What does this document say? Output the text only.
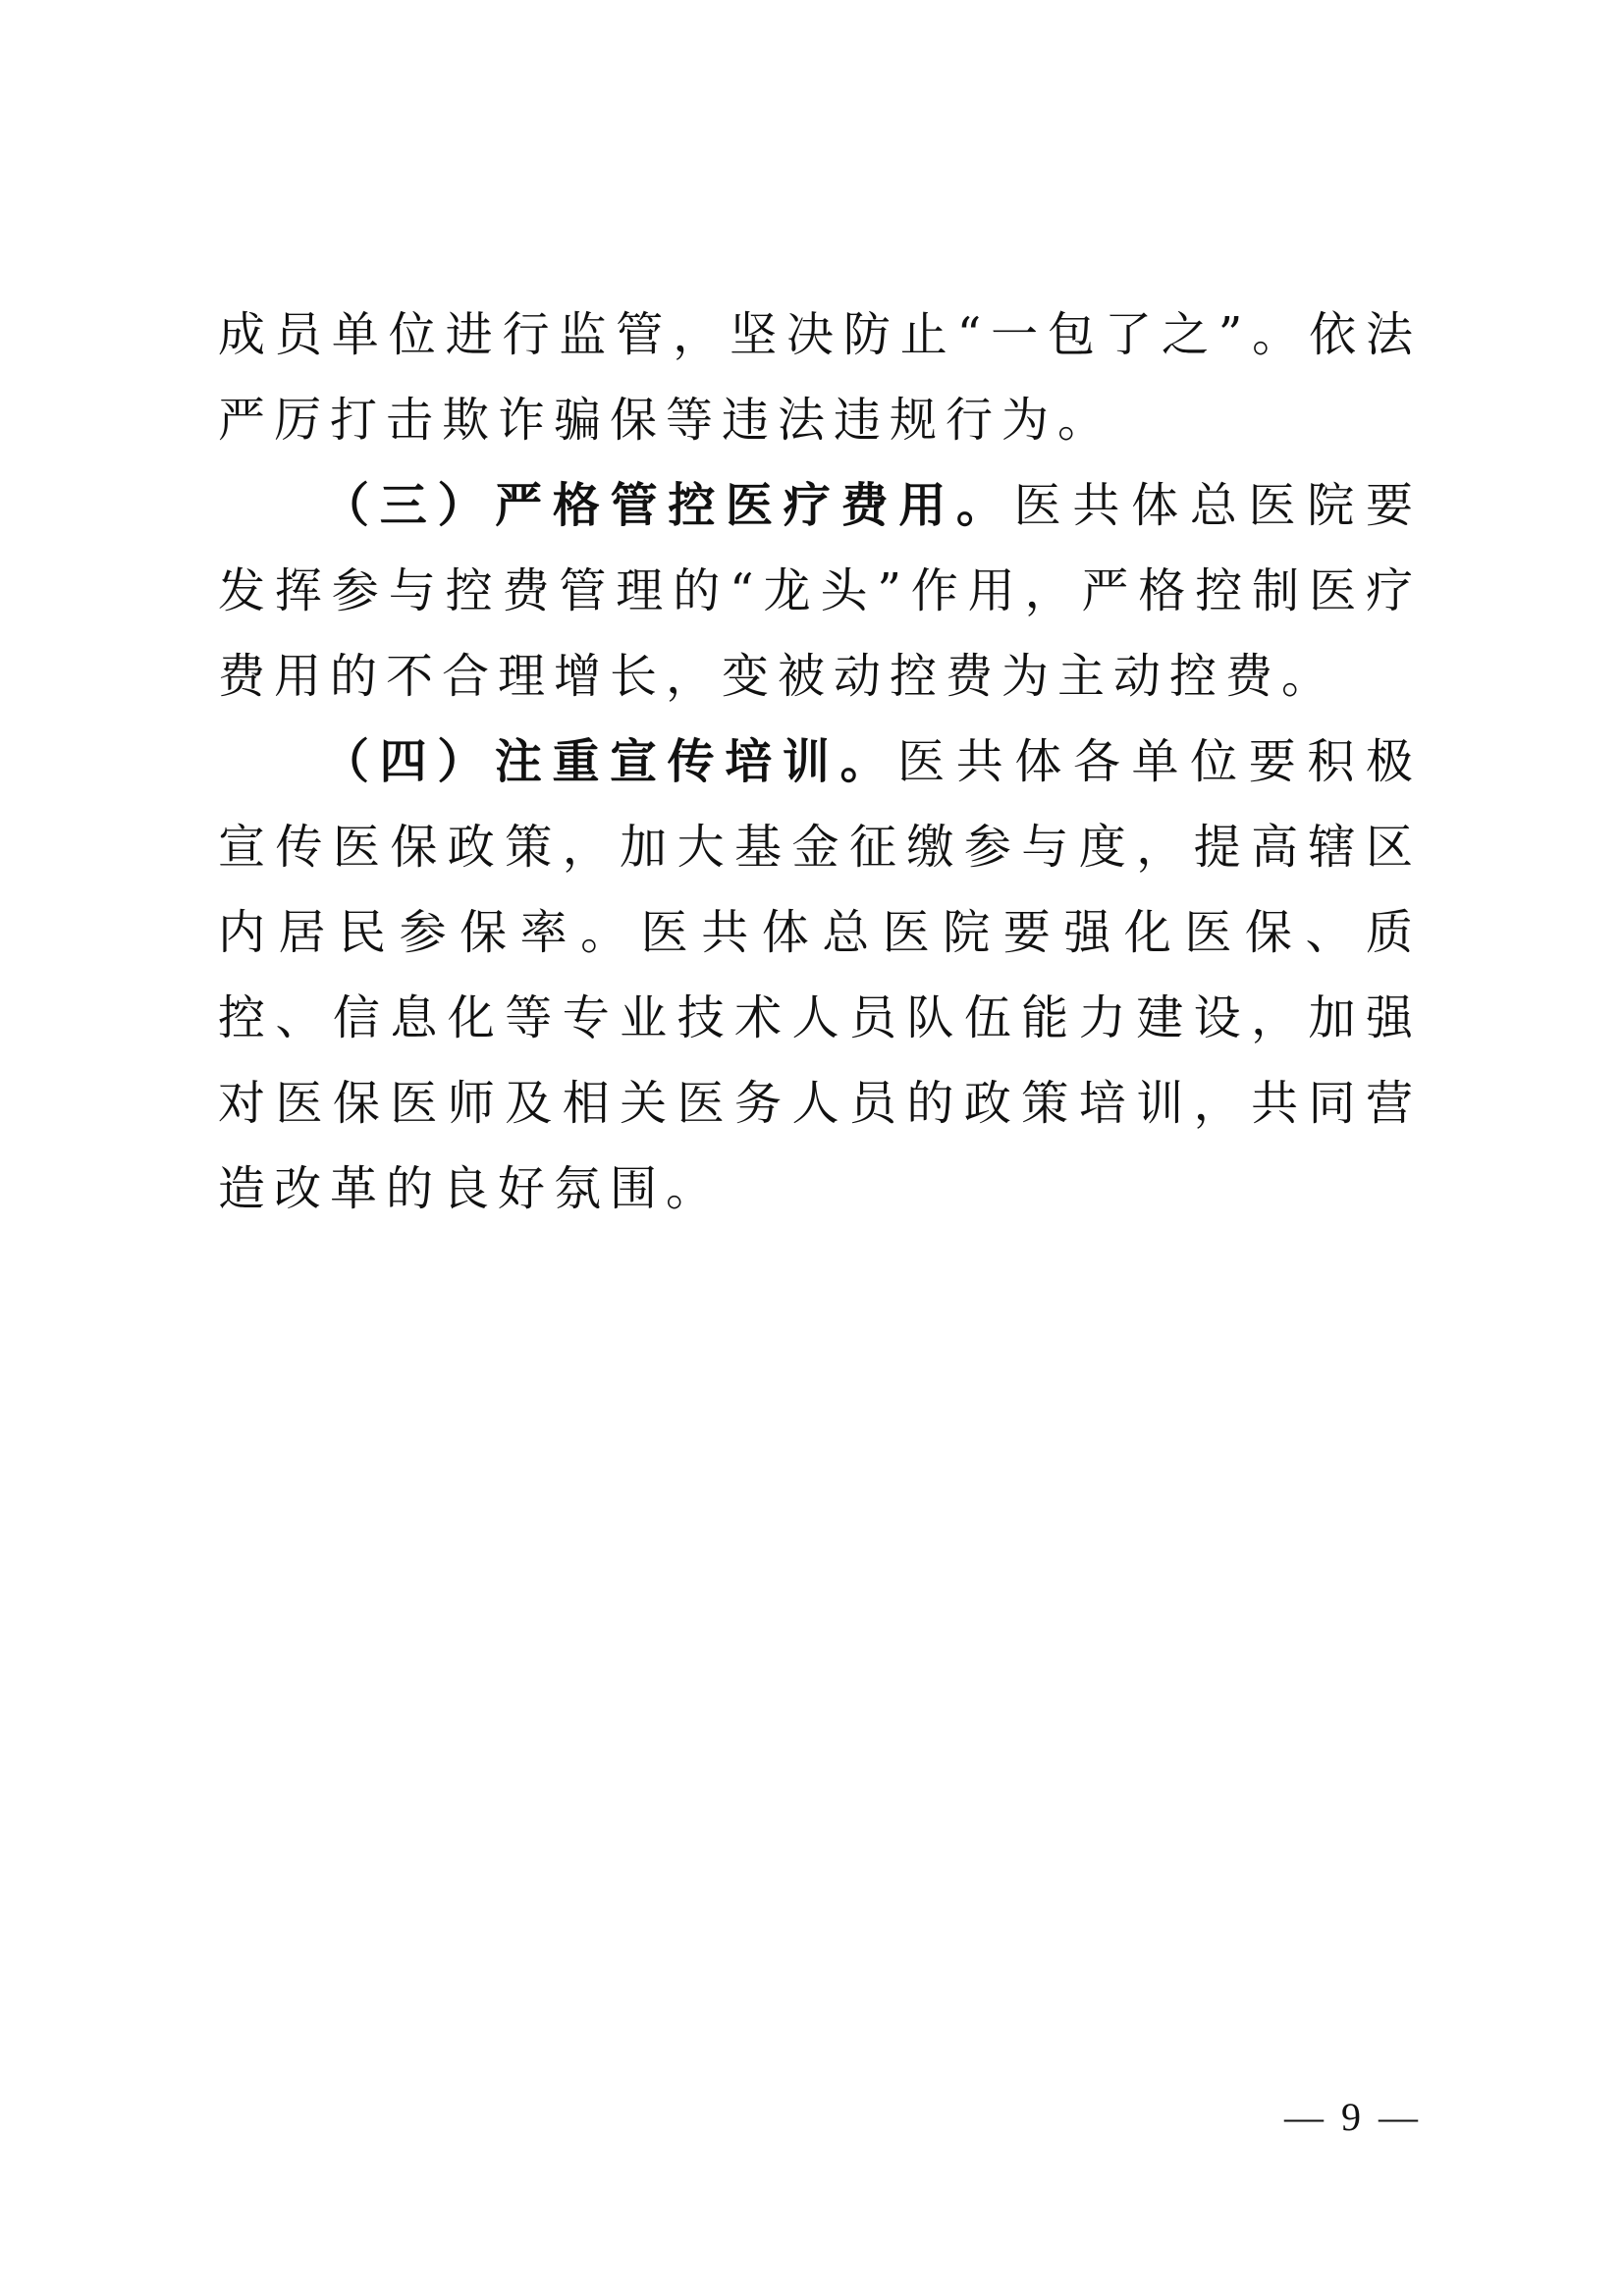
成员单位进行监管，坚决防止“一包了之”。依法严厉打击欺诈骗保等违法违规行为。

（三）严格管控医疗费用。医共体总医院要发挥参与控费管理的“龙头”作用，严格控制医疗费用的不合理增长，变被动控费为主动控费。

（四）注重宣传培训。医共体各单位要积极宣传医保政策，加大基金征缴参与度，提高辖区内居民参保率。医共体总医院要强化医保、质控、信息化等专业技术人员队伍能力建设，加强对医保医师及相关医务人员的政策培训，共同营造改革的良好氛围。

— 9 —
